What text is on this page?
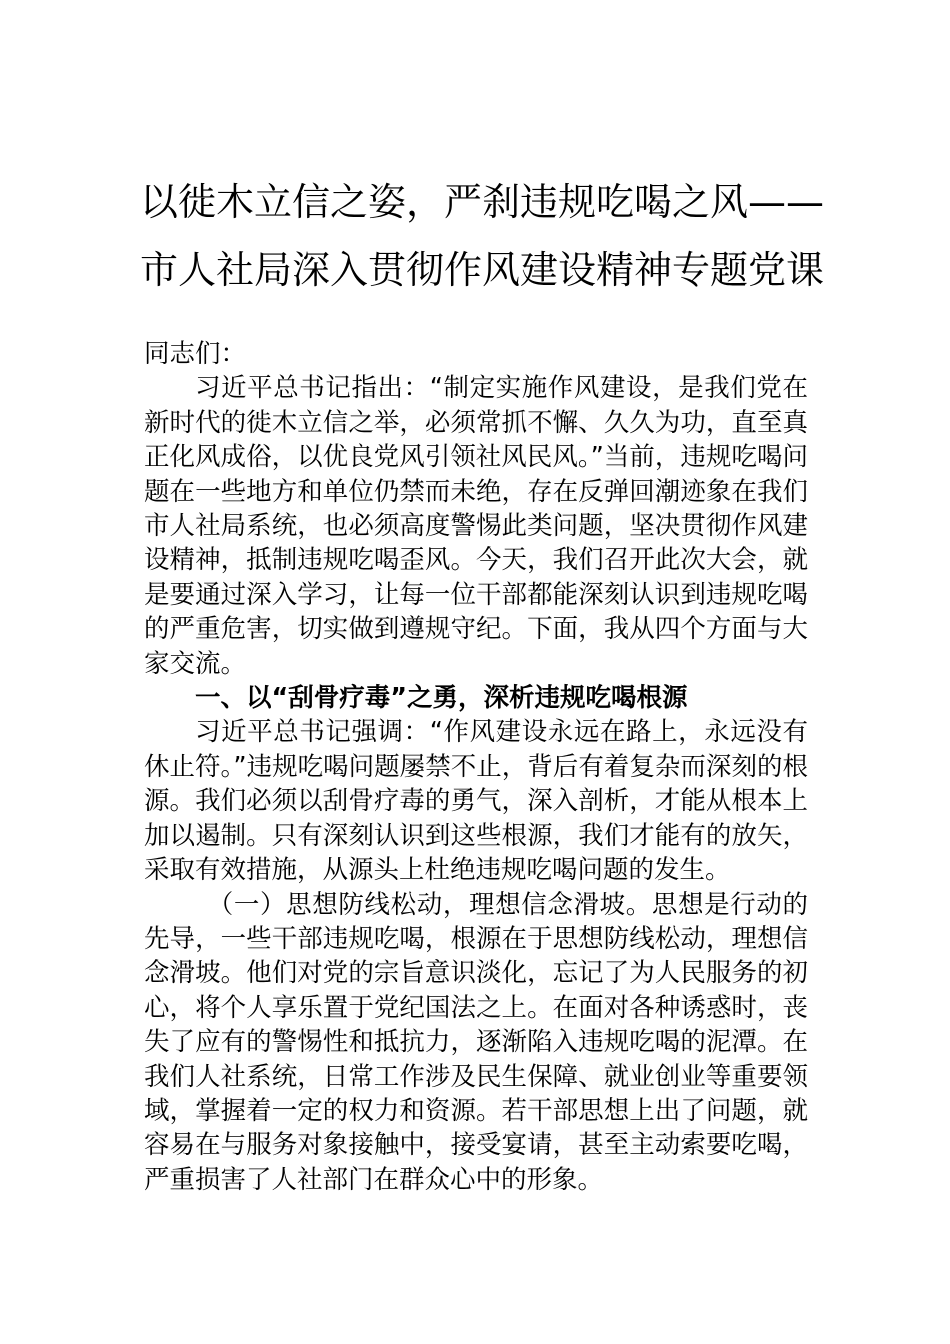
以徙木立信之姿，严刹违规吃喝之风——
市人社局深入贯彻作风建设精神专题党课

同志们：

习近平总书记指出：“制定实施作风建设，是我们党在新时代的徙木立信之举，必须常抓不懈、久久为功，直至真正化风成俗，以优良党风引领社风民风。”当前，违规吃喝问题在一些地方和单位仍禁而未绝，存在反弹回潮迹象在我们市人社局系统，也必须高度警惕此类问题，坚决贯彻作风建设精神，抵制违规吃喝歪风。今天，我们召开此次大会，就是要通过深入学习，让每一位干部都能深刻认识到违规吃喝的严重危害，切实做到遵规守纪。下面，我从四个方面与大家交流。

一、以“刮骨疗毒”之勇，深析违规吃喝根源

习近平总书记强调：“作风建设永远在路上，永远没有休止符。”违规吃喝问题屡禁不止，背后有着复杂而深刻的根源。我们必须以刮骨疗毒的勇气，深入剖析，才能从根本上加以遏制。只有深刻认识到这些根源，我们才能有的放矢，采取有效措施，从源头上杜绝违规吃喝问题的发生。

（一）思想防线松动，理想信念滑坡。思想是行动的先导，一些干部违规吃喝，根源在于思想防线松动，理想信念滑坡。他们对党的宗旨意识淡化，忘记了为人民服务的初心，将个人享乐置于党纪国法之上。在面对各种诱惑时，丧失了应有的警惕性和抵抗力，逐渐陷入违规吃喝的泥潭。在我们人社系统，日常工作涉及民生保障、就业创业等重要领域，掌握着一定的权力和资源。若干部思想上出了问题，就容易在与服务对象接触中，接受宴请，甚至主动索要吃喝，严重损害了人社部门在群众心中的形象。
